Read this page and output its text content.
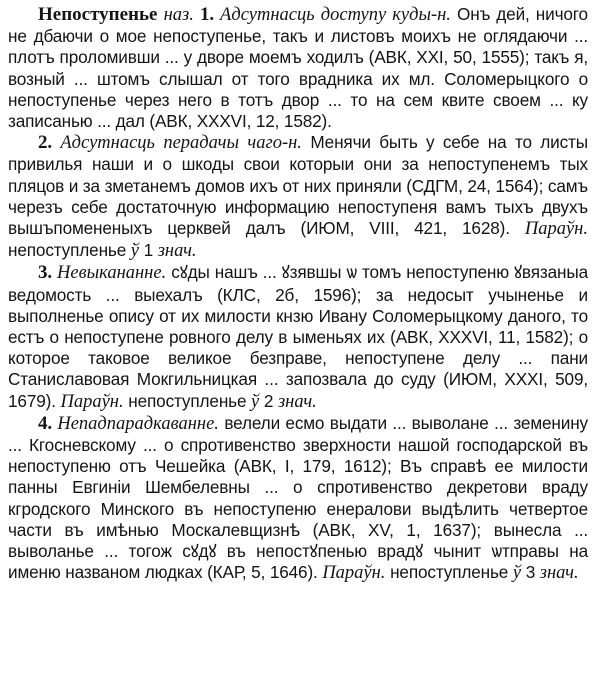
Непоступенье наз. 1. Адсутнасць доступу куды-н. Онъ дей, ничого не дбаючи о мое непоступенье, такъ и листовъ моихъ не оглядаючи ... плотъ проломивши ... у дворе моемъ ходилъ (АВК, XXI, 50, 1555); такъ я, возный ... штомъ слышал от того врадника их мл. Соломерыцкого о непоступенье через него в тотъ двор ... то на сем квите своем ... ку записанью ... дал (АВК, XXXVI, 12, 1582).

2. Адсутнасць перадачы чаго-н. Менячи быть у себе на то листы привилья наши и о шкоды свои которыи они за непоступенемъ тых пляцов и за зметанемъ домов ихъ от них приняли (СДГМ, 24, 1564); самъ черезъ себе достаточную информацию непоступеня вамъ тыхъ двухъ вышъпомененыхъ церквей далъ (ИЮМ, VIII, 421, 1628). Параўн. непоступленье ў 1 знач.

3. Невыкананне. сꙋды нашъ ... ꙋзявшы ѡ томъ непоступеню ꙋвязаныа ведомость ... выехалъ (КЛС, 2б, 1596); за недосыт учыненье и выполненье опису от их милости кнзю Ивану Соломерыцкому даного, то естъ о непоступене ровного делу в ыменьях их (АВК, XXXVI, 11, 1582); о которое таковое великое безправе, непоступене делу ... пани Станиславовая Мокгильницкая ... запозвала до суду (ИЮМ, XXXI, 509, 1679). Параўн. непоступленье ў 2 знач.

4. Непадпарадкаванне. велели есмо выдати ... выволане ... земенину ... Кгосневскому ... о спротивенство зверхности нашой господарской въ непоступеню отъ Чешейка (АВК, I, 179, 1612); Въ справѣ ее милости панны Евгиніи Шембелевны ... о спротивенство декретови враду кгродского Минского въ непоступеню енералови выдѣлить четвертое части въ имѣнью Москалевщизнѣ (АВК, XV, 1, 1637); вынесла ... выволанье ... тогож сꙋдꙋ въ непостꙋпенью врадꙋ чынит ѡтправы на имeню названом людках (КАР, 5, 1646). Параўн. непоступленье ў 3 знач.
